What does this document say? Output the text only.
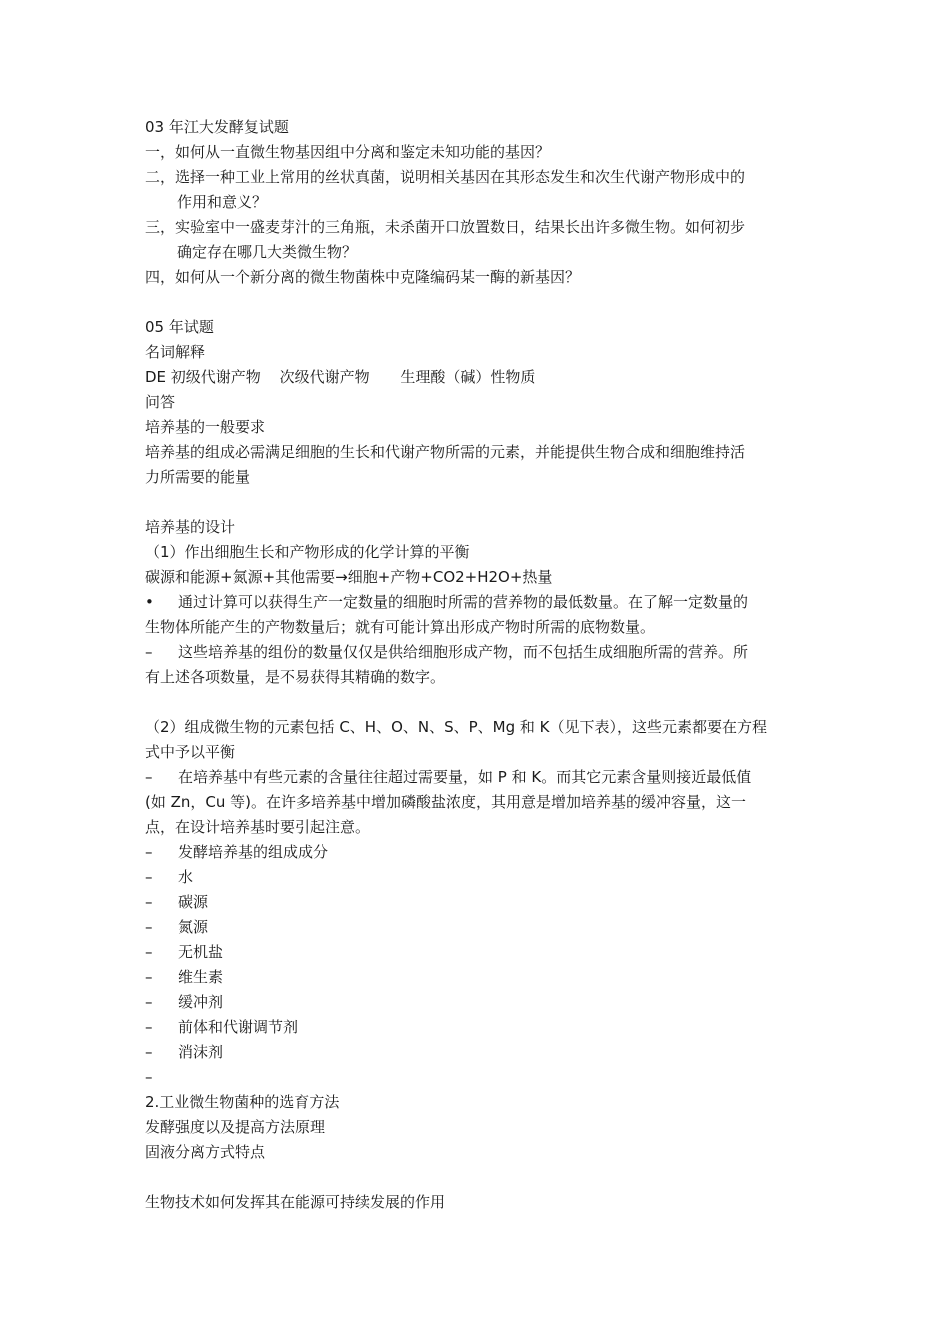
03 年江大发酵复试题
一，如何从一直微生物基因组中分离和鉴定未知功能的基因？
二，选择一种工业上常用的丝状真菌，说明相关基因在其形态发生和次生代谢产物形成中的
作用和意义？
三，实验室中一盛麦芽汁的三角瓶，未杀菌开口放置数日，结果长出许多微生物。如何初步
确定存在哪几大类微生物？
四，如何从一个新分离的微生物菌株中克隆编码某一酶的新基因？
05 年试题
名词解释
DE 初级代谢产物 次级代谢产物 生理酸（碱）性物质
问答
培养基的一般要求
培养基的组成必需满足细胞的生长和代谢产物所需的元素，并能提供生物合成和细胞维持活
力所需要的能量
培养基的设计
（1）作出细胞生长和产物形成的化学计算的平衡
碳源和能源+氮源+其他需要→细胞+产物+CO2+H2O+热量
•	通过计算可以获得生产一定数量的细胞时所需的营养物的最低数量。在了解一定数量的
生物体所能产生的产物数量后；就有可能计算出形成产物时所需的底物数量。
–	这些培养基的组份的数量仅仅是供给细胞形成产物，而不包括生成细胞所需的营养。所
有上述各项数量，是不易获得其精确的数字。
（2）组成微生物的元素包括 C、H、O、N、S、P、Mg 和 K（见下表），这些元素都要在方程
式中予以平衡
–	在培养基中有些元素的含量往往超过需要量，如 P 和 K。而其它元素含量则接近最低值
(如 Zn，Cu 等)。在许多培养基中增加磷酸盐浓度，其用意是增加培养基的缓冲容量，这一
点，在设计培养基时要引起注意。
–	发酵培养基的组成成分
–	水
–	碳源
–	氮源
–	无机盐
–	维生素
–	缓冲剂
–	前体和代谢调节剂
–	消沫剂
–
2.工业微生物菌种的选育方法
发酵强度以及提高方法原理
固液分离方式特点
生物技术如何发挥其在能源可持续发展的作用
